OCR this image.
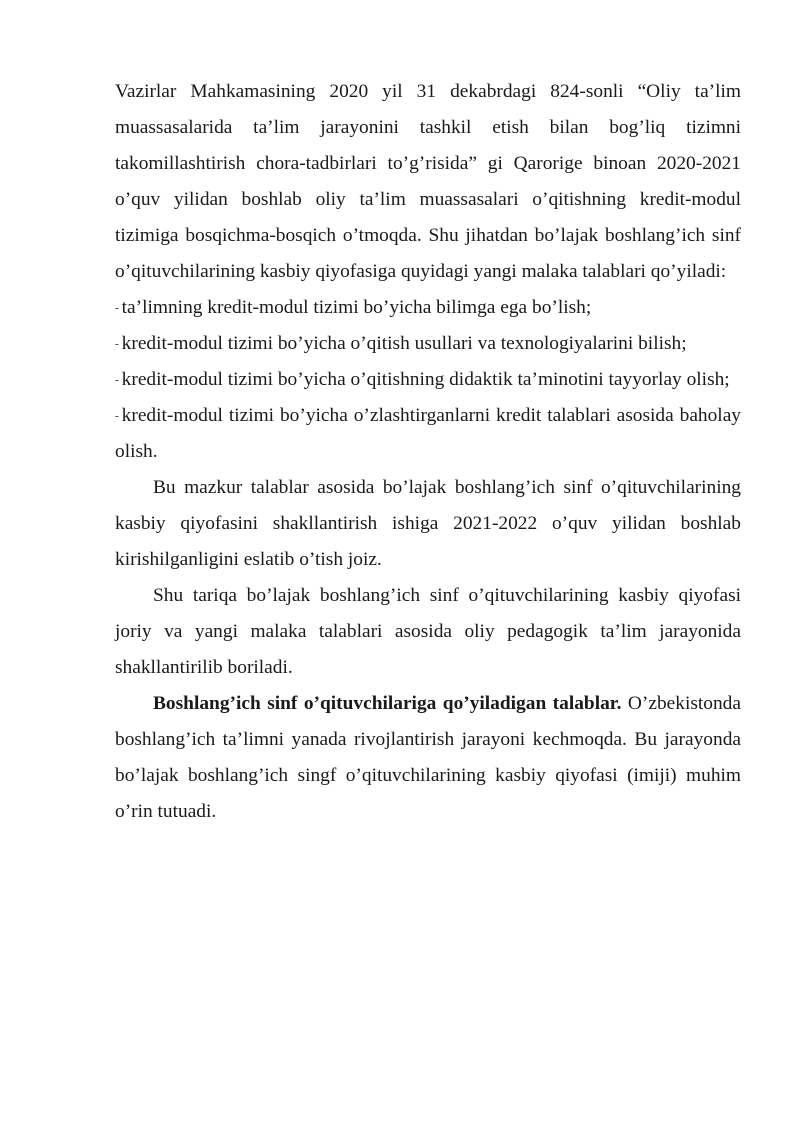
Vazirlar Mahkamasining 2020 yil 31 dekabrdagi 824-sonli “Oliy ta’lim muassasalarida ta’lim jarayonini tashkil etish bilan bog’liq tizimni takomillashtirish chora-tadbirlari to’g’risida” gi Qarorige binoan 2020-2021 o’quv yilidan boshlab oliy ta’lim muassasalari o’qitishning kredit-modul tizimiga bosqichma-bosqich o’tmoqda. Shu jihatdan bo’lajak boshlang’ich sinf o’qituvchilarining kasbiy qiyofasiga quyidagi yangi malaka talablari qo’yiladi:

- ta’limning kredit-modul tizimi bo’yicha bilimga ega bo’lish;
- kredit-modul tizimi bo’yicha o’qitish usullari va texnologiyalarini bilish;
- kredit-modul tizimi bo’yicha o’qitishning didaktik ta’minotini tayyorlay olish;
- kredit-modul tizimi bo’yicha o’zlashtirganlarni kredit talablari asosida baholay olish.

Bu mazkur talablar asosida bo’lajak boshlang’ich sinf o’qituvchilarining kasbiy qiyofasini shakllantirish ishiga 2021-2022 o’quv yilidan boshlab kirishilganligini eslatib o’tish joiz.

Shu tariqa bo’lajak boshlang’ich sinf o’qituvchilarining kasbiy qiyofasi joriy va yangi malaka talablari asosida oliy pedagogik ta’lim jarayonida shakllantirilib boriladi.

Boshlang’ich sinf o’qituvchilariga qo’yiladigan talablar. O’zbekistonda boshlang’ich ta’limni yanada rivojlantirish jarayoni kechmoqda. Bu jarayonda bo’lajak boshlang’ich singf o’qituvchilarining kasbiy qiyofasi (imiji) muhim o’rin tutuadi.
